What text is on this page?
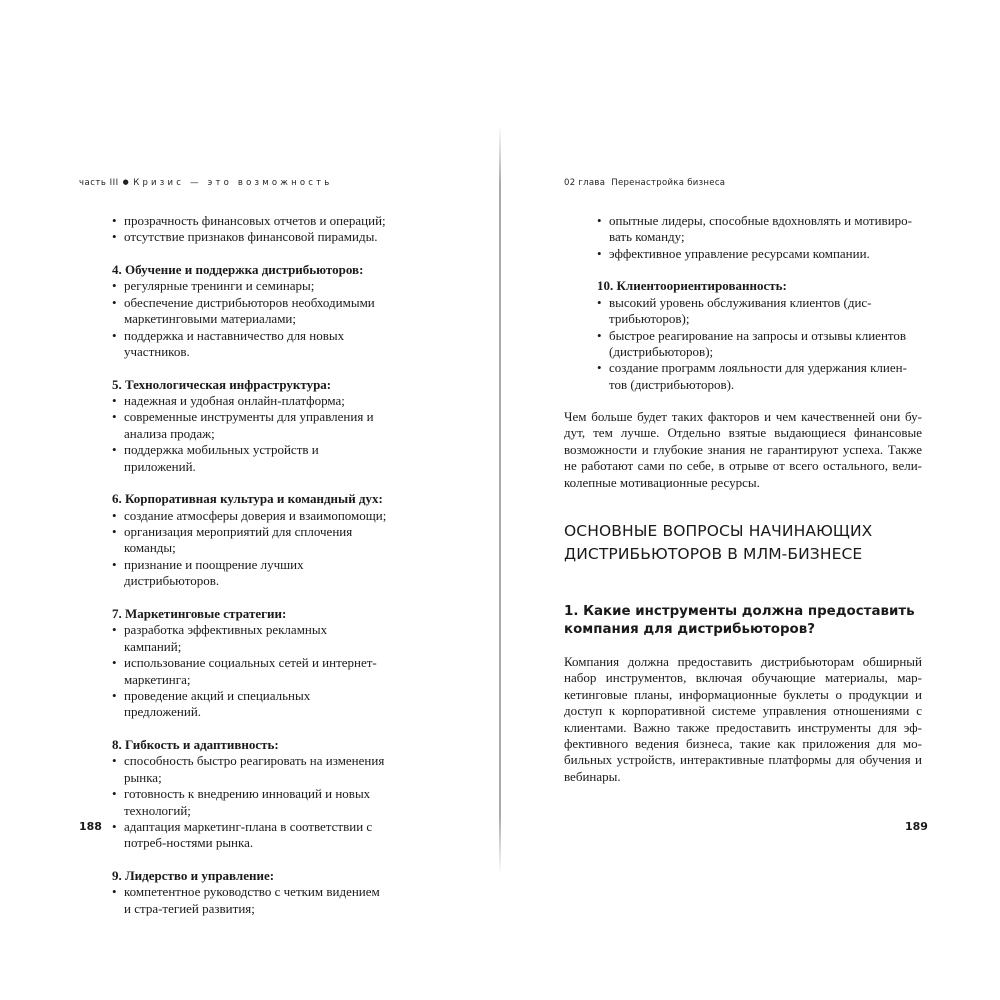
часть III ● Кризис — это возможность
• прозрачность финансовых отчетов и операций;
• отсутствие признаков финансовой пирамиды.
4. Обучение и поддержка дистрибьюторов:
• регулярные тренинги и семинары;
• обеспечение дистрибьюторов необходимыми маркетинговыми материалами;
• поддержка и наставничество для новых участников.
5. Технологическая инфраструктура:
• надежная и удобная онлайн-платформа;
• современные инструменты для управления и анализа продаж;
• поддержка мобильных устройств и приложений.
6. Корпоративная культура и командный дух:
• создание атмосферы доверия и взаимопомощи;
• организация мероприятий для сплочения команды;
• признание и поощрение лучших дистрибьюторов.
7. Маркетинговые стратегии:
• разработка эффективных рекламных кампаний;
• использование социальных сетей и интернет-маркетинга;
• проведение акций и специальных предложений.
8. Гибкость и адаптивность:
• способность быстро реагировать на изменения рынка;
• готовность к внедрению инноваций и новых технологий;
• адаптация маркетинг-плана в соответствии с потреб-ностями рынка.
9. Лидерство и управление:
• компетентное руководство с четким видением и стра-тегией развития;
188
02 глава Перенастройка бизнеса
• опытные лидеры, способные вдохновлять и мотивиро-вать команду;
• эффективное управление ресурсами компании.
10. Клиентоориентированность:
• высокий уровень обслуживания клиентов (дис-трибьюторов);
• быстрое реагирование на запросы и отзывы клиентов (дистрибьюторов);
• создание программ лояльности для удержания клиен-тов (дистрибьюторов).

Чем больше будет таких факторов и чем качественней они бу-дут, тем лучше. Отдельно взятые выдающиеся финансовые возможности и глубокие знания не гарантируют успеха. Также не работают сами по себе, в отрыве от всего остального, вели-колепные мотивационные ресурсы.

ОСНОВНЫЕ ВОПРОСЫ НАЧИНАЮЩИХ ДИСТРИБЬЮТОРОВ В МЛМ-БИЗНЕСЕ
1. Какие инструменты должна предоставить компания для дистрибьюторов?

Компания должна предоставить дистрибьюторам обширный набор инструментов, включая обучающие материалы, мар-кетинговые планы, информационные буклеты о продукции и доступ к корпоративной системе управления отношениями с клиентами. Важно также предоставить инструменты для эф-фективного ведения бизнеса, такие как приложения для мо-бильных устройств, интерактивные платформы для обучения и вебинары.

189
